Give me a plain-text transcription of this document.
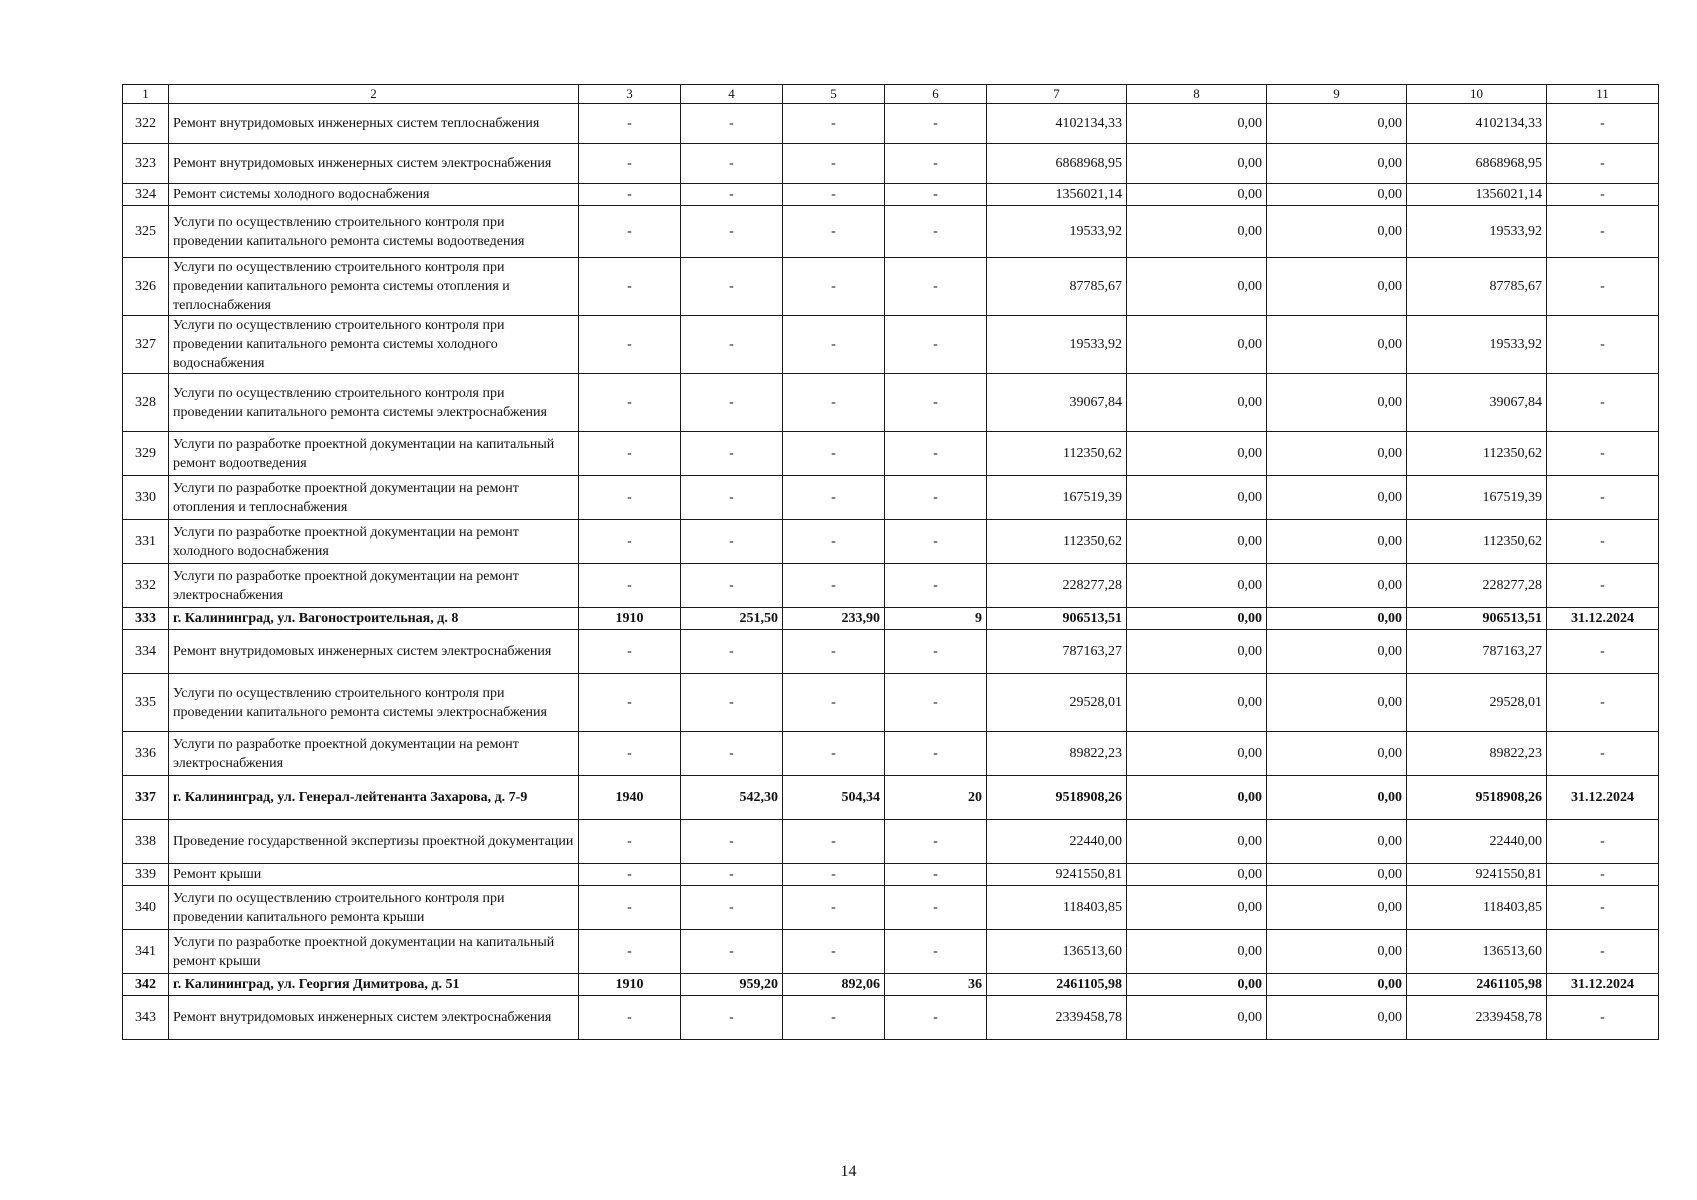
1	2	3	4	5	6	7	8	9	10	11
322	Ремонт внутридомовых инженерных систем теплоснабжения	-	-	-	-	4102134,33	0,00	0,00	4102134,33	-
323	Ремонт внутридомовых инженерных систем электроснабжения	-	-	-	-	6868968,95	0,00	0,00	6868968,95	-
324	Ремонт системы холодного водоснабжения	-	-	-	-	1356021,14	0,00	0,00	1356021,14	-
325	Услуги по осуществлению строительного контроля при проведении капитального ремонта системы водоотведения	-	-	-	-	19533,92	0,00	0,00	19533,92	-
326	Услуги по осуществлению строительного контроля при проведении капитального ремонта системы отопления и теплоснабжения	-	-	-	-	87785,67	0,00	0,00	87785,67	-
327	Услуги по осуществлению строительного контроля при проведении капитального ремонта системы холодного водоснабжения	-	-	-	-	19533,92	0,00	0,00	19533,92	-
328	Услуги по осуществлению строительного контроля при проведении капитального ремонта системы электроснабжения	-	-	-	-	39067,84	0,00	0,00	39067,84	-
329	Услуги по разработке проектной документации на капитальный ремонт водоотведения	-	-	-	-	112350,62	0,00	0,00	112350,62	-
330	Услуги по разработке проектной документации на ремонт отопления и теплоснабжения	-	-	-	-	167519,39	0,00	0,00	167519,39	-
331	Услуги по разработке проектной документации на ремонт холодного водоснабжения	-	-	-	-	112350,62	0,00	0,00	112350,62	-
332	Услуги по разработке проектной документации на ремонт электроснабжения	-	-	-	-	228277,28	0,00	0,00	228277,28	-
333	г. Калининград, ул. Вагоностроительная, д. 8	1910	251,50	233,90	9	906513,51	0,00	0,00	906513,51	31.12.2024
334	Ремонт внутридомовых инженерных систем электроснабжения	-	-	-	-	787163,27	0,00	0,00	787163,27	-
335	Услуги по осуществлению строительного контроля при проведении капитального ремонта системы электроснабжения	-	-	-	-	29528,01	0,00	0,00	29528,01	-
336	Услуги по разработке проектной документации на ремонт электроснабжения	-	-	-	-	89822,23	0,00	0,00	89822,23	-
337	г. Калининград, ул. Генерал-лейтенанта Захарова, д. 7-9	1940	542,30	504,34	20	9518908,26	0,00	0,00	9518908,26	31.12.2024
338	Проведение государственной экспертизы проектной документации	-	-	-	-	22440,00	0,00	0,00	22440,00	-
339	Ремонт крыши	-	-	-	-	9241550,81	0,00	0,00	9241550,81	-
340	Услуги по осуществлению строительного контроля при проведении капитального ремонта крыши	-	-	-	-	118403,85	0,00	0,00	118403,85	-
341	Услуги по разработке проектной документации на капитальный ремонт крыши	-	-	-	-	136513,60	0,00	0,00	136513,60	-
342	г. Калининград, ул. Георгия Димитрова, д. 51	1910	959,20	892,06	36	2461105,98	0,00	0,00	2461105,98	31.12.2024
343	Ремонт внутридомовых инженерных систем электроснабжения	-	-	-	-	2339458,78	0,00	0,00	2339458,78	-
14
